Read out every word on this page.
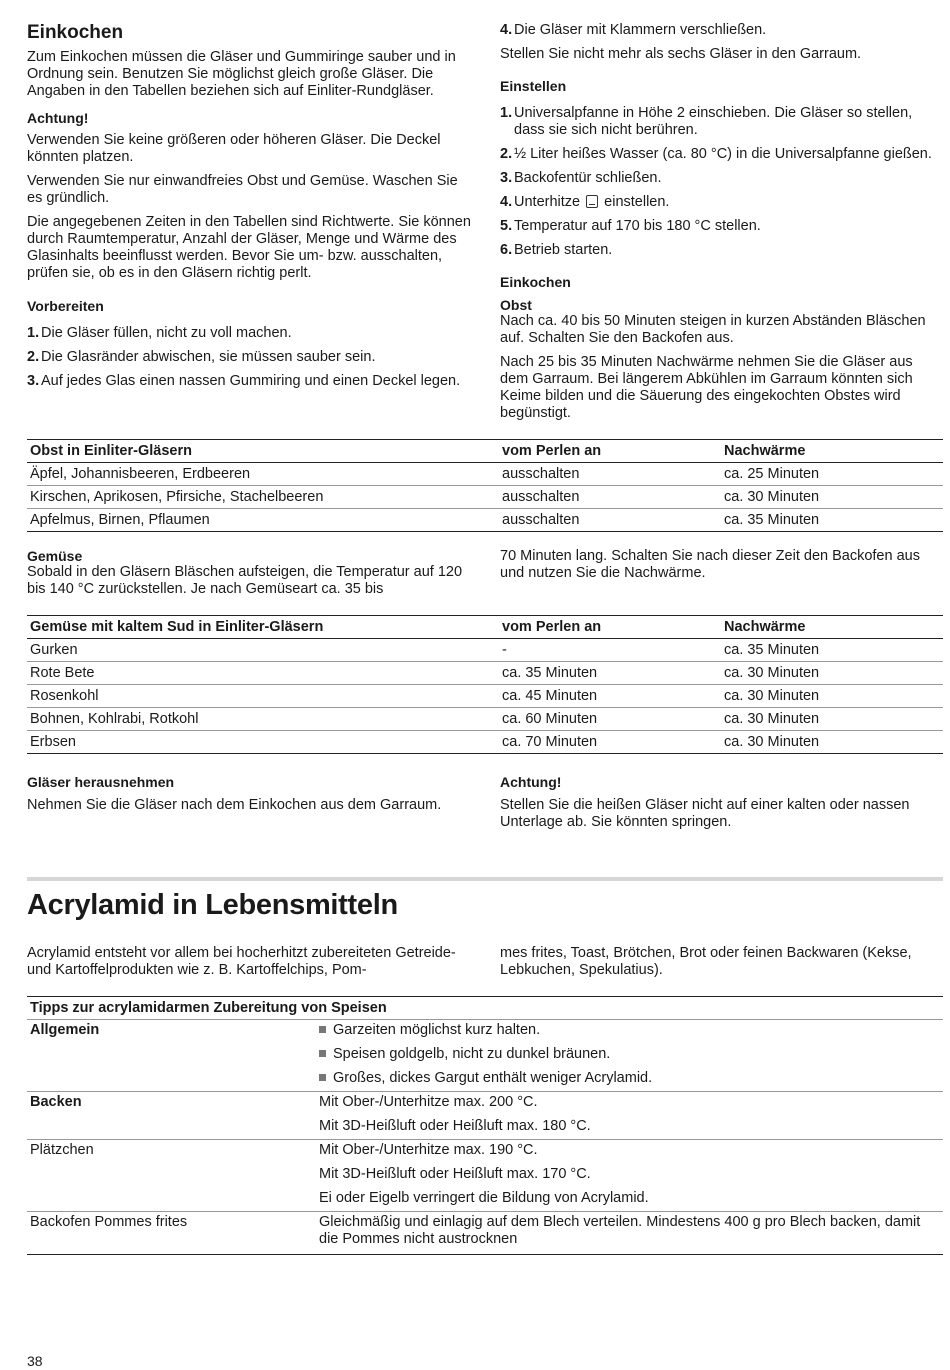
Einkochen

Zum Einkochen müssen die Gläser und Gummiringe sauber und in Ordnung sein. Benutzen Sie möglichst gleich große Gläser. Die Angaben in den Tabellen beziehen sich auf Einliter-Rundgläser.

Achtung!

Verwenden Sie keine größeren oder höheren Gläser. Die Deckel könnten platzen.

Verwenden Sie nur einwandfreies Obst und Gemüse. Waschen Sie es gründlich.

Die angegebenen Zeiten in den Tabellen sind Richtwerte. Sie können durch Raumtemperatur, Anzahl der Gläser, Menge und Wärme des Glasinhalts beeinflusst werden. Bevor Sie um- bzw. ausschalten, prüfen sie, ob es in den Gläsern richtig perlt.

Vorbereiten
1. Die Gläser füllen, nicht zu voll machen.
2. Die Glasränder abwischen, sie müssen sauber sein.
3. Auf jedes Glas einen nassen Gummiring und einen Deckel legen.
4. Die Gläser mit Klammern verschließen.

Stellen Sie nicht mehr als sechs Gläser in den Garraum.

Einstellen
1. Universalpfanne in Höhe 2 einschieben. Die Gläser so stellen, dass sie sich nicht berühren.
2. ½ Liter heißes Wasser (ca. 80 °C) in die Universalpfanne gießen.
3. Backofentür schließen.
4. Unterhitze einstellen.
5. Temperatur auf 170 bis 180 °C stellen.
6. Betrieb starten.
Einkochen
Obst

Nach ca. 40 bis 50 Minuten steigen in kurzen Abständen Bläschen auf. Schalten Sie den Backofen aus.

Nach 25 bis 35 Minuten Nachwärme nehmen Sie die Gläser aus dem Garraum. Bei längerem Abkühlen im Garraum könnten sich Keime bilden und die Säuerung des eingekochten Obstes wird begünstigt.

Obst in Einliter-Gläsern	vom Perlen an	Nachwärme
Äpfel, Johannisbeeren, Erdbeeren	ausschalten	ca. 25 Minuten
Kirschen, Aprikosen, Pfirsiche, Stachelbeeren	ausschalten	ca. 30 Minuten
Apfelmus, Birnen, Pflaumen	ausschalten	ca. 35 Minuten
Gemüse

Sobald in den Gläsern Bläschen aufsteigen, die Temperatur auf 120 bis 140 °C zurückstellen. Je nach Gemüseart ca. 35 bis

70 Minuten lang. Schalten Sie nach dieser Zeit den Backofen aus und nutzen Sie die Nachwärme.

Gemüse mit kaltem Sud in Einliter-Gläsern	vom Perlen an	Nachwärme
Gurken	-	ca. 35 Minuten
Rote Bete	ca. 35 Minuten	ca. 30 Minuten
Rosenkohl	ca. 45 Minuten	ca. 30 Minuten
Bohnen, Kohlrabi, Rotkohl	ca. 60 Minuten	ca. 30 Minuten
Erbsen	ca. 70 Minuten	ca. 30 Minuten
Gläser herausnehmen

Nehmen Sie die Gläser nach dem Einkochen aus dem Garraum.

Achtung!

Stellen Sie die heißen Gläser nicht auf einer kalten oder nassen Unterlage ab. Sie könnten springen.

Acrylamid in Lebensmitteln

Acrylamid entsteht vor allem bei hocherhitzt zubereiteten Getreide- und Kartoffelprodukten wie z. B. Kartoffelchips, Pom-

mes frites, Toast, Brötchen, Brot oder feinen Backwaren (Kekse, Lebkuchen, Spekulatius).

Tipps zur acrylamidarmen Zubereitung von Speisen	
Allgemein	Garzeiten möglichst kurz halten.
Speisen goldgelb, nicht zu dunkel bräunen.
Großes, dickes Gargut enthält weniger Acrylamid.

Backen	Mit Ober-/Unterhitze max. 200 °C.
Mit 3D-Heißluft oder Heißluft max. 180 °C.

Plätzchen	Mit Ober-/Unterhitze max. 190 °C.
Mit 3D-Heißluft oder Heißluft max. 170 °C.
Ei oder Eigelb verringert die Bildung von Acrylamid.

Backofen Pommes frites	Gleichmäßig und einlagig auf dem Blech verteilen. Mindestens 400 g pro Blech backen, damit die Pommes nicht austrocknen
38
